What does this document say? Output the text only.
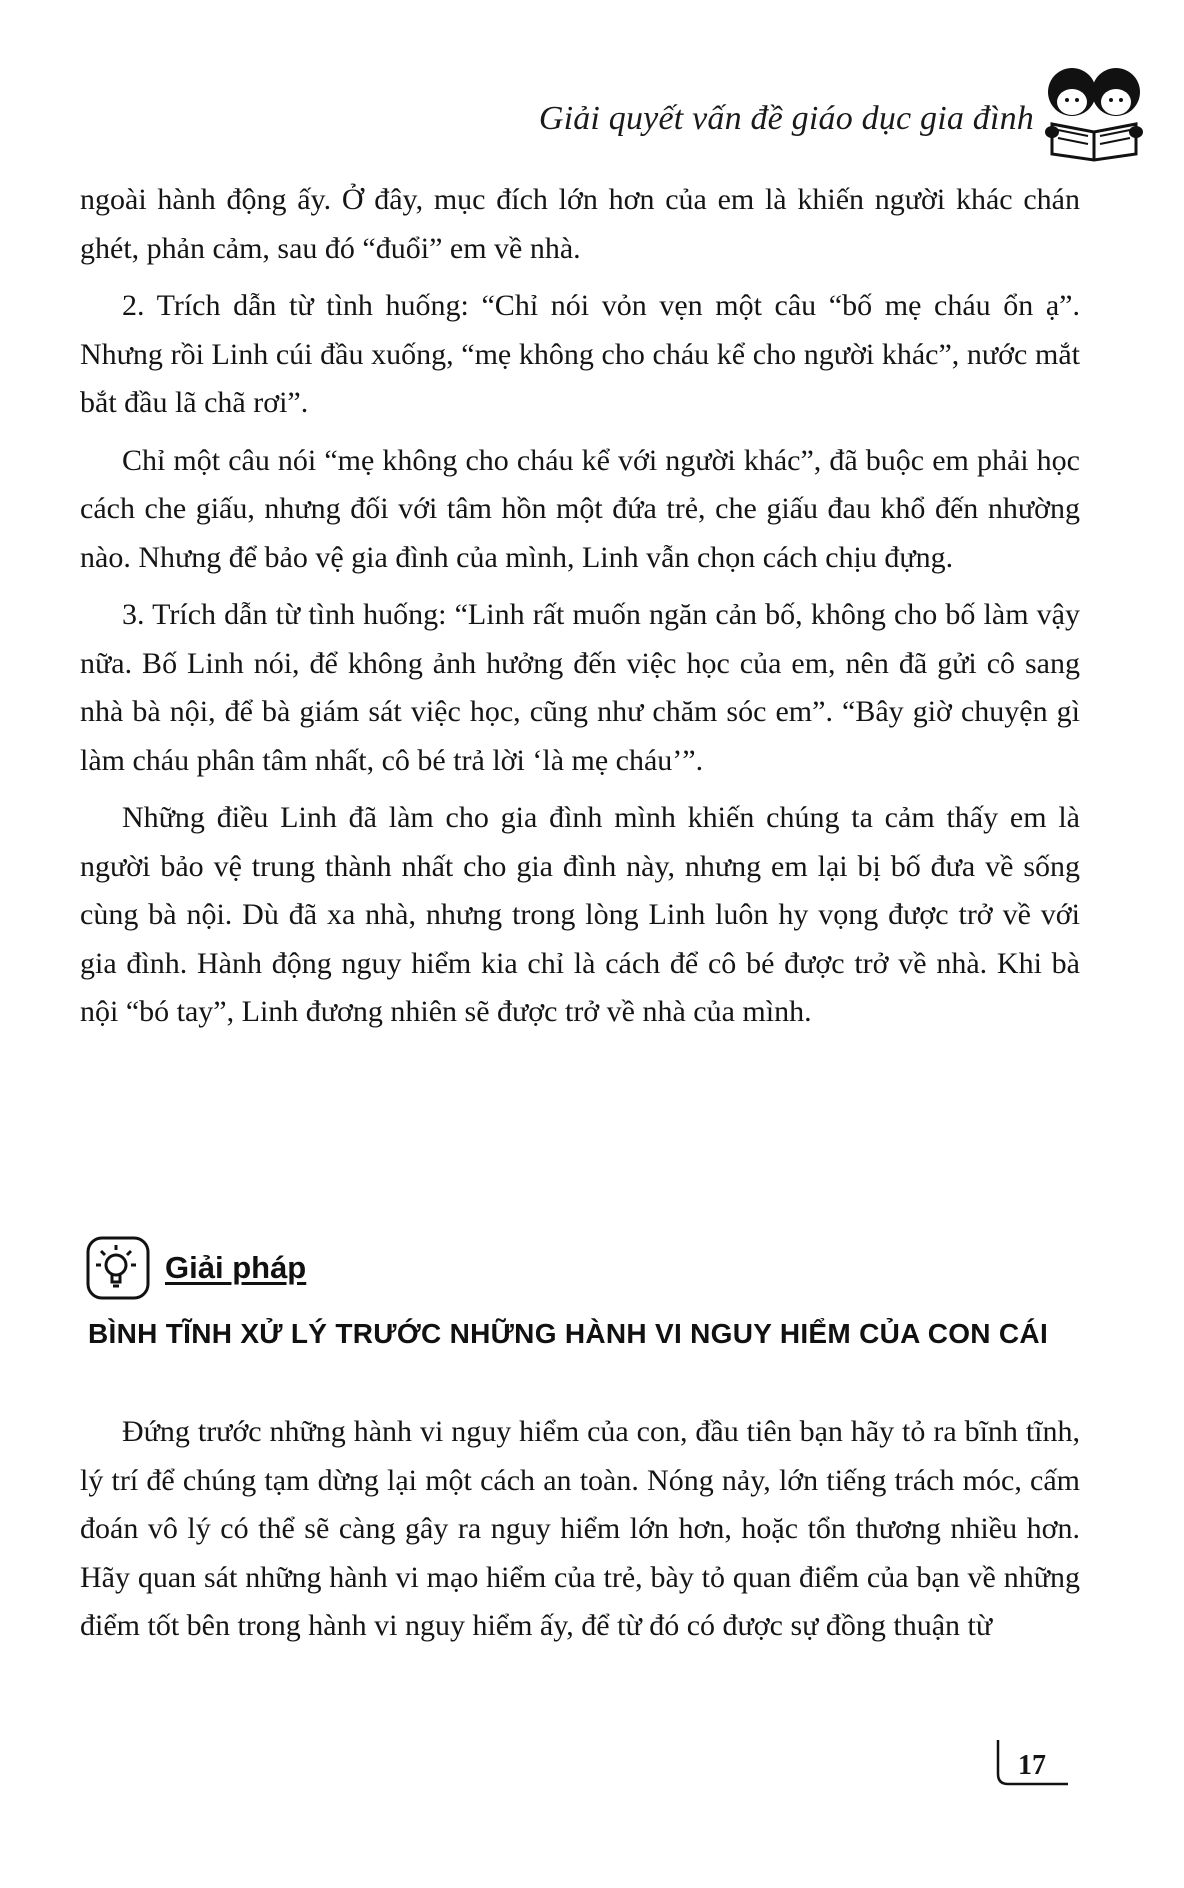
Giải quyết vấn đề giáo dục gia đình

ngoài hành động ấy. Ở đây, mục đích lớn hơn của em là khiến người khác chán ghét, phản cảm, sau đó “đuổi” em về nhà.

2. Trích dẫn từ tình huống: “Chỉ nói vỏn vẹn một câu “bố mẹ cháu ổn ạ”. Nhưng rồi Linh cúi đầu xuống, “mẹ không cho cháu kể cho người khác”, nước mắt bắt đầu lã chã rơi”.

Chỉ một câu nói “mẹ không cho cháu kể với người khác”, đã buộc em phải học cách che giấu, nhưng đối với tâm hồn một đứa trẻ, che giấu đau khổ đến nhường nào. Nhưng để bảo vệ gia đình của mình, Linh vẫn chọn cách chịu đựng.

3. Trích dẫn từ tình huống: “Linh rất muốn ngăn cản bố, không cho bố làm vậy nữa. Bố Linh nói, để không ảnh hưởng đến việc học của em, nên đã gửi cô sang nhà bà nội, để bà giám sát việc học, cũng như chăm sóc em”. “Bây giờ chuyện gì làm cháu phân tâm nhất, cô bé trả lời ‘là mẹ cháu’”.

Những điều Linh đã làm cho gia đình mình khiến chúng ta cảm thấy em là người bảo vệ trung thành nhất cho gia đình này, nhưng em lại bị bố đưa về sống cùng bà nội. Dù đã xa nhà, nhưng trong lòng Linh luôn hy vọng được trở về với gia đình. Hành động nguy hiểm kia chỉ là cách để cô bé được trở về nhà. Khi bà nội “bó tay”, Linh đương nhiên sẽ được trở về nhà của mình.

Giải pháp
BÌNH TĨNH XỬ LÝ TRƯỚC NHỮNG HÀNH VI NGUY HIỂM CỦA CON CÁI

Đứng trước những hành vi nguy hiểm của con, đầu tiên bạn hãy tỏ ra bĩnh tĩnh, lý trí để chúng tạm dừng lại một cách an toàn. Nóng nảy, lớn tiếng trách móc, cấm đoán vô lý có thể sẽ càng gây ra nguy hiểm lớn hơn, hoặc tổn thương nhiều hơn. Hãy quan sát những hành vi mạo hiểm của trẻ, bày tỏ quan điểm của bạn về những điểm tốt bên trong hành vi nguy hiểm ấy, để từ đó có được sự đồng thuận từ

17
